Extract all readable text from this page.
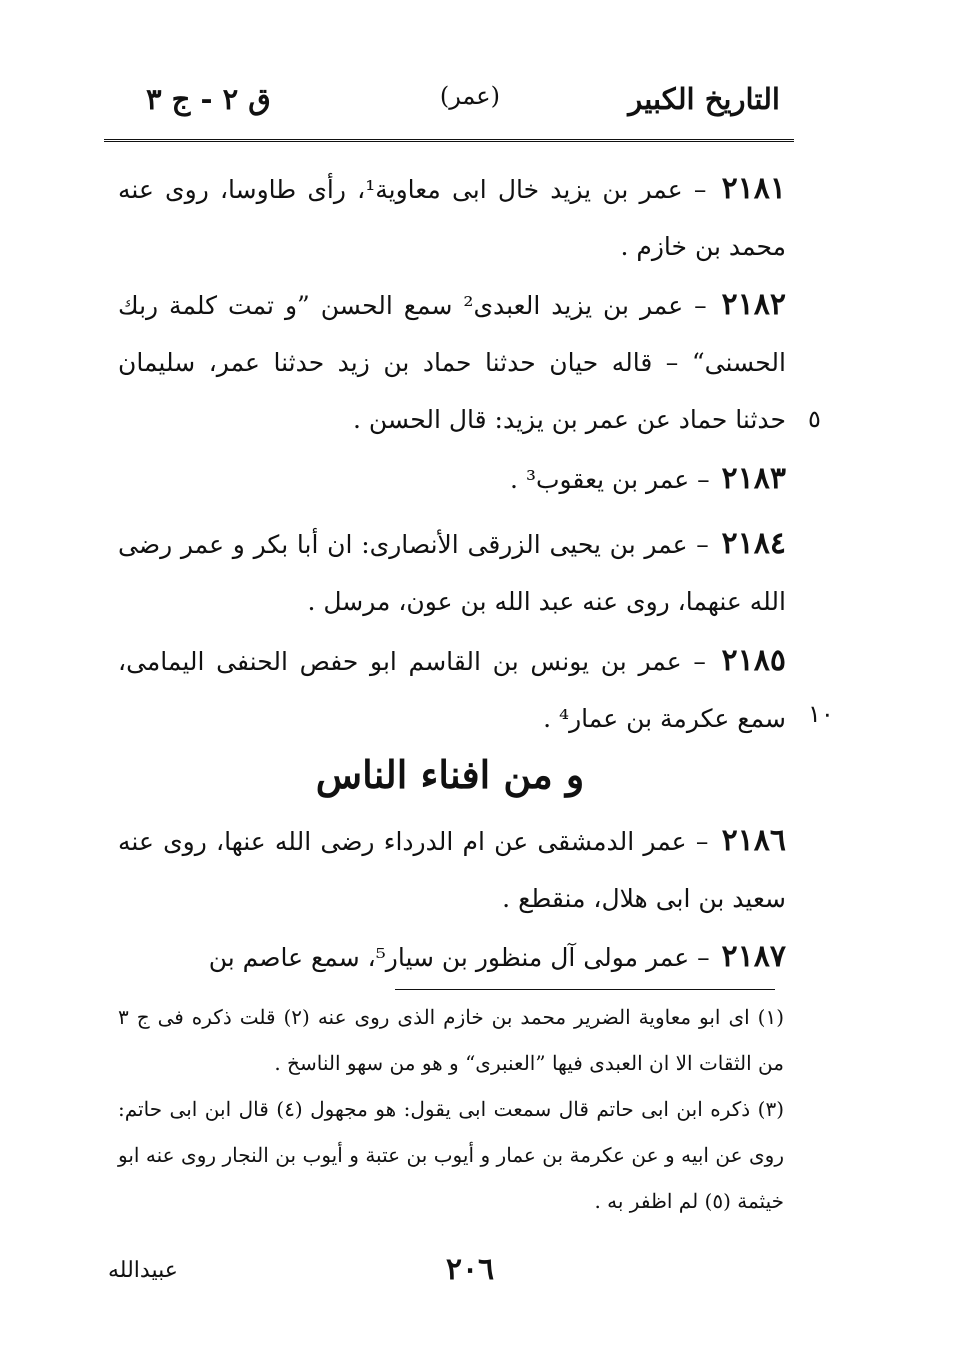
التاريخ الكبير
(عمر)
ق ٢ - ج ٣
٢١٨١ – عمر بن يزيد خال ابى معاوية¹، رأى طاوسا، روى عنه محمد بن خازم .
٢١٨٢ – عمر بن يزيد العبدى² سمع الحسن ”و تمت كلمة ربك الحسنى“ – قاله حيان حدثنا حماد بن زيد حدثنا عمر، سليمان حدثنا حماد عن عمر بن يزيد: قال الحسن . ٥
٢١٨٣ – عمر بن يعقوب³ .
٢١٨٤ – عمر بن يحيى الزرقى الأنصارى: ان أبا بكر و عمر رضى الله عنهما، روى عنه عبد الله بن عون، مرسل .
٢١٨٥ – عمر بن يونس بن القاسم ابو حفص الحنفى اليمامى، سمع عكرمة بن عمار⁴ . ١٠
و من افناء الناس
٢١٨٦ – عمر الدمشقى عن ام الدرداء رضى الله عنها، روى عنه سعيد بن ابى هلال، منقطع .
٢١٨٧ – عمر مولى آل منظور بن سيار⁵، سمع عاصم بن

(١) اى ابو معاوية الضرير محمد بن خازم الذى روى عنه (٢) قلت ذكره فى ج ٣ من الثقات الا ان العبدى فيها ”العنبرى“ و هو من سهو الناسخ .

(٣) ذكره ابن ابى حاتم قال سمعت ابى يقول: هو مجهول (٤) قال ابن ابى حاتم: روى عن ابيه و عن عكرمة بن عمار و أيوب بن عتبة و أيوب بن النجار روى عنه ابو خيثمة (٥) لم اظفر به .

٢٠٦
عبيدالله
